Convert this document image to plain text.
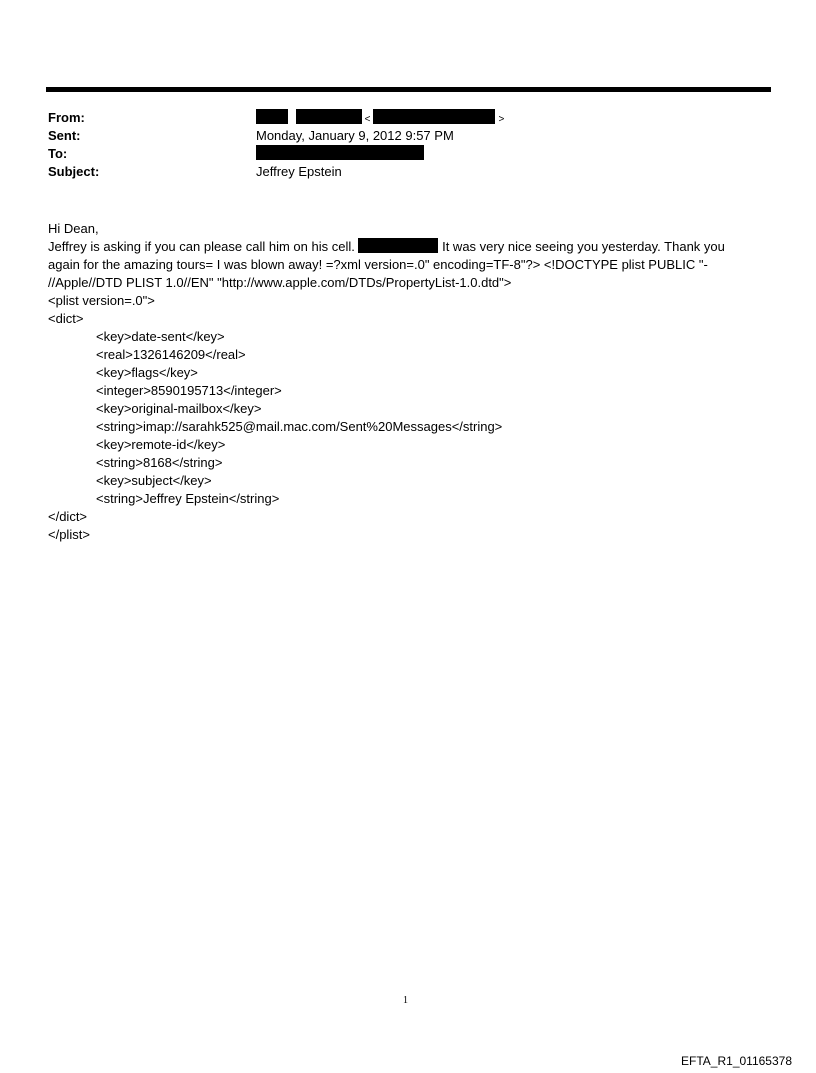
From:	<	>
Sent:	Monday, January 9, 2012 9:57 PM
To:
Subject:	Jeffrey Epstein

Hi Dean,

Jeffrey is asking if you can please call him on his cell.	It was very nice seeing you yesterday. Thank you

again for the amazing tours= I was blown away! =?xml version=.0" encoding=TF-8"?> <!DOCTYPE plist PUBLIC "-

//Apple//DTD PLIST 1.0//EN" "http://www.apple.com/DTDs/PropertyList-1.0.dtd">

<plist version=.0">

<dict>

<key>date-sent</key>

<real>1326146209</real>

<key>flags</key>

<integer>8590195713</integer>

<key>original-mailbox</key>

<string>imap://sarahk525@mail.mac.com/Sent%20Messages</string>

<key>remote-id</key>

<string>8168</string>

<key>subject</key>

<string>Jeffrey Epstein</string>

</dict>

</plist>

1
EFTA_R1_01165378
